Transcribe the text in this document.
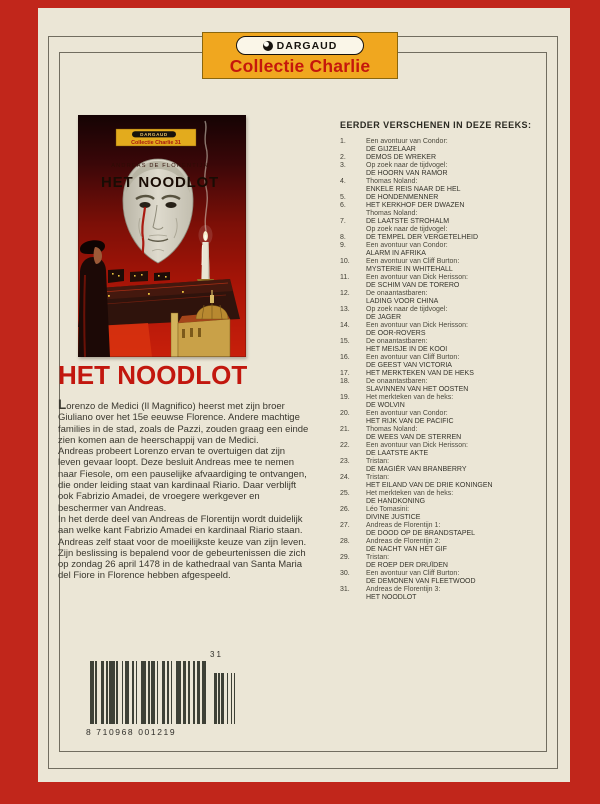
DARGAUD
Collectie Charlie
DARGAUD
Collectie Charlie 31
ANDREAS DE FLORENTIJN
HET NOODLOT
HET NOODLOT

Lorenzo de Medici (Il Magnifico) heerst met zijn broer Giuliano over het 15e eeuwse Florence. Andere machtige families in de stad, zoals de Pazzi, zouden graag een einde zien komen aan de heerschappij van de Medici.

Andreas probeert Lorenzo ervan te overtuigen dat zijn leven gevaar loopt. Deze besluit Andreas mee te nemen naar Fiesole, om een pauselijke afvaardiging te ontvangen, die onder leiding staat van kardinaal Riario. Daar verblijft ook Fabrizio Amadei, de vroegere werkgever en beschermer van Andreas.

In het derde deel van Andreas de Florentijn wordt duidelijk aan welke kant Fabrizio Amadei en kardinaal Riario staan.

Andreas zelf staat voor de moeilijkste keuze van zijn leven. Zijn beslissing is bepalend voor de gebeurtenissen die zich op zondag 26 april 1478 in de kathedraal van Santa Maria del Fiore in Florence hebben afgespeeld.

EERDER VERSCHENEN IN DEZE REEKS:
1.	Een avontuur van Condor:
DE GIJZELAAR
2.	DEMOS DE WREKER
3.	Op zoek naar de tijdvogel:
DE HOORN VAN RAMOR
4.	Thomas Noland:
ENKELE REIS NAAR DE HEL
5.	DE HONDENMENNER
6.	HET KERKHOF DER DWAZEN
Thomas Noland:
7.	DE LAATSTE STROHALM
Op zoek naar de tijdvogel:
8.	DE TEMPEL DER VERGETELHEID
9.	Een avontuur van Condor:
ALARM IN AFRIKA
10.	Een avontuur van Cliff Burton:
MYSTERIE IN WHITEHALL
11.	Een avontuur van Dick Herisson:
DE SCHIM VAN DE TORERO
12.	De onaantastbaren:
LADING VOOR CHINA
13.	Op zoek naar de tijdvogel:
DE JAGER
14.	Een avontuur van Dick Herisson:
DE OOR-ROVERS
15.	De onaantastbaren:
HET MEISJE IN DE KOOI
16.	Een avontuur van Cliff Burton:
DE GEEST VAN VICTORIA
17.	HET MERKTEKEN VAN DE HEKS
18.	De onaantastbaren:
SLAVINNEN VAN HET OOSTEN
19.	Het merkteken van de heks:
DE WOLVIN
20.	Een avontuur van Condor:
HET RIJK VAN DE PACIFIC
21.	Thomas Noland:
DE WEES VAN DE STERREN
22.	Een avontuur van Dick Herisson:
DE LAATSTE AKTE
23.	Tristan:
DE MAGIËR VAN BRANBERRY
24.	Tristan:
HET EILAND VAN DE DRIE KONINGEN
25.	Het merkteken van de heks:
DE HANDKONING
26.	Léo Tomasini:
DIVINE JUSTICE
27.	Andreas de Florentijn 1:
DE DOOD OP DE BRANDSTAPEL
28.	Andreas de Florentijn 2:
DE NACHT VAN HET GIF
29.	Tristan:
DE ROEP DER DRUÏDEN
30.	Een avontuur van Cliff Burton:
DE DEMONEN VAN FLEETWOOD
31.	Andreas de Florentijn 3:
HET NOODLOT
31
8 710968 001219
